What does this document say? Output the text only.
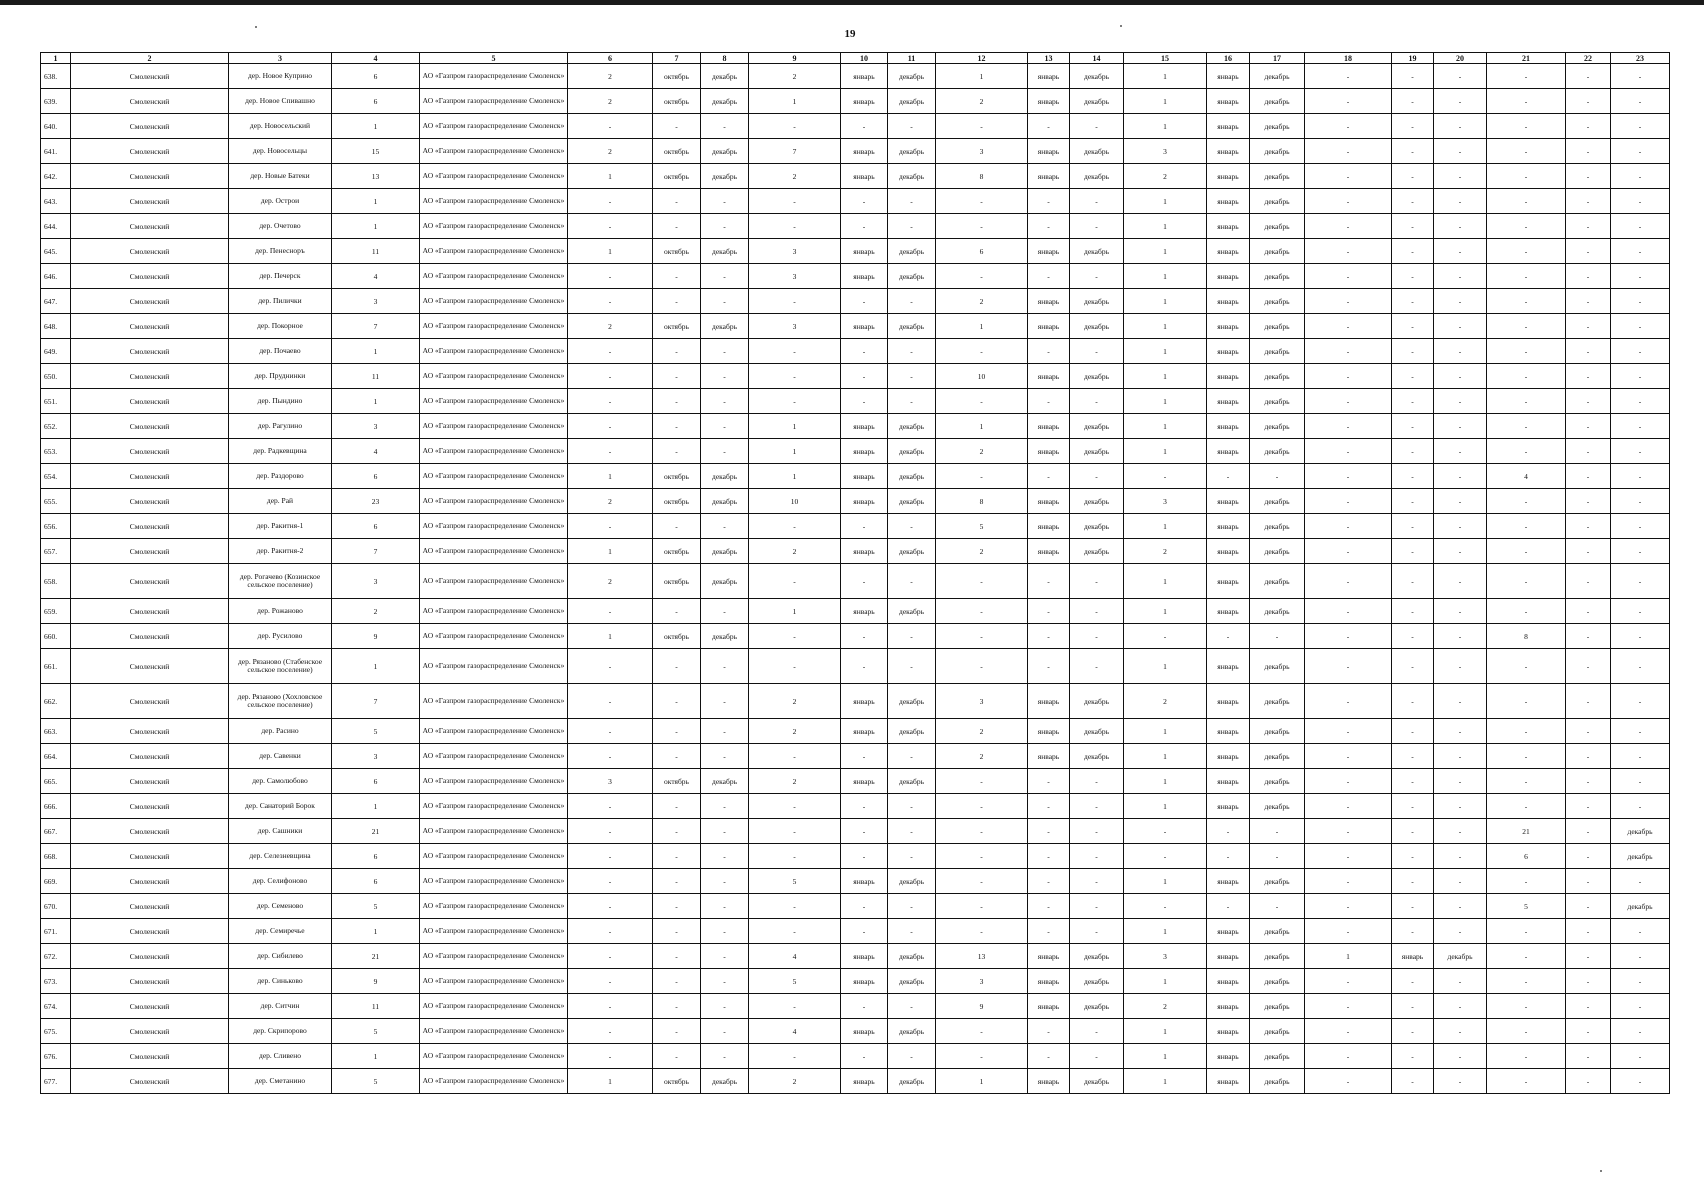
19
1	2	3	4	5	6	7	8	9	10	11	12	13	14	15	16	17	18	19	20	21	22	23
638.	Смоленский	дер. Новое Куприно	6	АО «Газпром газораспределение Смоленск»	2	октябрь	декабрь	2	январь	декабрь	1	январь	декабрь	1	январь	декабрь	-	-	-	-	-	-
639.	Смоленский	дер. Новое Спивашно	6	АО «Газпром газораспределение Смоленск»	2	октябрь	декабрь	1	январь	декабрь	2	январь	декабрь	1	январь	декабрь	-	-	-	-	-	-
640.	Смоленский	дер. Новосельский	1	АО «Газпром газораспределение Смоленск»	-	-	-	-	-	-	-	-	-	1	январь	декабрь	-	-	-	-	-	-
641.	Смоленский	дер. Новосельцы	15	АО «Газпром газораспределение Смоленск»	2	октябрь	декабрь	7	январь	декабрь	3	январь	декабрь	3	январь	декабрь	-	-	-	-	-	-
642.	Смоленский	дер. Новые Батеки	13	АО «Газпром газораспределение Смоленск»	1	октябрь	декабрь	2	январь	декабрь	8	январь	декабрь	2	январь	декабрь	-	-	-	-	-	-
643.	Смоленский	дер. Острои	1	АО «Газпром газораспределение Смоленск»	-	-	-	-	-	-	-	-	-	1	январь	декабрь	-	-	-	-	-	-
644.	Смоленский	дер. Очетово	1	АО «Газпром газораспределение Смоленск»	-	-	-	-	-	-	-	-	-	1	январь	декабрь	-	-	-	-	-	-
645.	Смоленский	дер. Пенесноръ	11	АО «Газпром газораспределение Смоленск»	1	октябрь	декабрь	3	январь	декабрь	6	январь	декабрь	1	январь	декабрь	-	-	-	-	-	-
646.	Смоленский	дер. Печерск	4	АО «Газпром газораспределение Смоленск»	-	-	-	3	январь	декабрь	-	-	-	1	январь	декабрь	-	-	-	-	-	-
647.	Смоленский	дер. Пилички	3	АО «Газпром газораспределение Смоленск»	-	-	-	-	-	-	2	январь	декабрь	1	январь	декабрь	-	-	-	-	-	-
648.	Смоленский	дер. Покорное	7	АО «Газпром газораспределение Смоленск»	2	октябрь	декабрь	3	январь	декабрь	1	январь	декабрь	1	январь	декабрь	-	-	-	-	-	-
649.	Смоленский	дер. Почаево	1	АО «Газпром газораспределение Смоленск»	-	-	-	-	-	-	-	-	-	1	январь	декабрь	-	-	-	-	-	-
650.	Смоленский	дер. Пруднинки	11	АО «Газпром газораспределение Смоленск»	-	-	-	-	-	-	10	январь	декабрь	1	январь	декабрь	-	-	-	-	-	-
651.	Смоленский	дер. Пындино	1	АО «Газпром газораспределение Смоленск»	-	-	-	-	-	-	-	-	-	1	январь	декабрь	-	-	-	-	-	-
652.	Смоленский	дер. Рагулино	3	АО «Газпром газораспределение Смоленск»	-	-	-	1	январь	декабрь	1	январь	декабрь	1	январь	декабрь	-	-	-	-	-	-
653.	Смоленский	дер. Радкевщина	4	АО «Газпром газораспределение Смоленск»	-	-	-	1	январь	декабрь	2	январь	декабрь	1	январь	декабрь	-	-	-	-	-	-
654.	Смоленский	дер. Раздорово	6	АО «Газпром газораспределение Смоленск»	1	октябрь	декабрь	1	январь	декабрь	-	-	-	-	-	-	-	-	-	4	-	-
655.	Смоленский	дер. Рай	23	АО «Газпром газораспределение Смоленск»	2	октябрь	декабрь	10	январь	декабрь	8	январь	декабрь	3	январь	декабрь	-	-	-	-	-	-
656.	Смоленский	дер. Ракитня-1	6	АО «Газпром газораспределение Смоленск»	-	-	-	-	-	-	5	январь	декабрь	1	январь	декабрь	-	-	-	-	-	-
657.	Смоленский	дер. Ракитня-2	7	АО «Газпром газораспределение Смоленск»	1	октябрь	декабрь	2	январь	декабрь	2	январь	декабрь	2	январь	декабрь	-	-	-	-	-	-
658.	Смоленский	дер. Рогачево (Козинское сельское поселение)	3	АО «Газпром газораспределение Смоленск»	2	октябрь	декабрь	-	-	-	-	-	-	1	январь	декабрь	-	-	-	-	-	-
659.	Смоленский	дер. Рожаново	2	АО «Газпром газораспределение Смоленск»	-	-	-	1	январь	декабрь	-	-	-	1	январь	декабрь	-	-	-	-	-	-
660.	Смоленский	дер. Русилово	9	АО «Газпром газораспределение Смоленск»	1	октябрь	декабрь	-	-	-	-	-	-	-	-	-	-	-	-	8	-	-
661.	Смоленский	дер. Рязаново (Стабенское сельское поселение)	1	АО «Газпром газораспределение Смоленск»	-	-	-	-	-	-	-	-	-	1	январь	декабрь	-	-	-	-	-	-
662.	Смоленский	дер. Рязаново (Хохловское сельское поселение)	7	АО «Газпром газораспределение Смоленск»	-	-	-	2	январь	декабрь	3	январь	декабрь	2	январь	декабрь	-	-	-	-	-	-
663.	Смоленский	дер. Расино	5	АО «Газпром газораспределение Смоленск»	-	-	-	2	январь	декабрь	2	январь	декабрь	1	январь	декабрь	-	-	-	-	-	-
664.	Смоленский	дер. Савенки	3	АО «Газпром газораспределение Смоленск»	-	-	-	-	-	-	2	январь	декабрь	1	январь	декабрь	-	-	-	-	-	-
665.	Смоленский	дер. Самолюбово	6	АО «Газпром газораспределение Смоленск»	3	октябрь	декабрь	2	январь	декабрь	-	-	-	1	январь	декабрь	-	-	-	-	-	-
666.	Смоленский	дер. Санаторий Борок	1	АО «Газпром газораспределение Смоленск»	-	-	-	-	-	-	-	-	-	1	январь	декабрь	-	-	-	-	-	-
667.	Смоленский	дер. Сашники	21	АО «Газпром газораспределение Смоленск»	-	-	-	-	-	-	-	-	-	-	-	-	-	-	-	21	-	декабрь
668.	Смоленский	дер. Селезневщина	6	АО «Газпром газораспределение Смоленск»	-	-	-	-	-	-	-	-	-	-	-	-	-	-	-	6	-	декабрь
669.	Смоленский	дер. Селифоново	6	АО «Газпром газораспределение Смоленск»	-	-	-	5	январь	декабрь	-	-	-	1	январь	декабрь	-	-	-	-	-	-
670.	Смоленский	дер. Семеново	5	АО «Газпром газораспределение Смоленск»	-	-	-	-	-	-	-	-	-	-	-	-	-	-	-	5	-	декабрь
671.	Смоленский	дер. Семиречье	1	АО «Газпром газораспределение Смоленск»	-	-	-	-	-	-	-	-	-	1	январь	декабрь	-	-	-	-	-	-
672.	Смоленский	дер. Сибилево	21	АО «Газпром газораспределение Смоленск»	-	-	-	4	январь	декабрь	13	январь	декабрь	3	январь	декабрь	1	январь	декабрь	-	-	-
673.	Смоленский	дер. Синьково	9	АО «Газпром газораспределение Смоленск»	-	-	-	5	январь	декабрь	3	январь	декабрь	1	январь	декабрь	-	-	-	-	-	-
674.	Смоленский	дер. Ситчин	11	АО «Газпром газораспределение Смоленск»	-	-	-	-	-	-	9	январь	декабрь	2	январь	декабрь	-	-	-	-	-	-
675.	Смоленский	дер. Скрипорово	5	АО «Газпром газораспределение Смоленск»	-	-	-	4	январь	декабрь	-	-	-	1	январь	декабрь	-	-	-	-	-	-
676.	Смоленский	дер. Сливено	1	АО «Газпром газораспределение Смоленск»	-	-	-	-	-	-	-	-	-	1	январь	декабрь	-	-	-	-	-	-
677.	Смоленский	дер. Сметанино	5	АО «Газпром газораспределение Смоленск»	1	октябрь	декабрь	2	январь	декабрь	1	январь	декабрь	1	январь	декабрь	-	-	-	-	-	-
